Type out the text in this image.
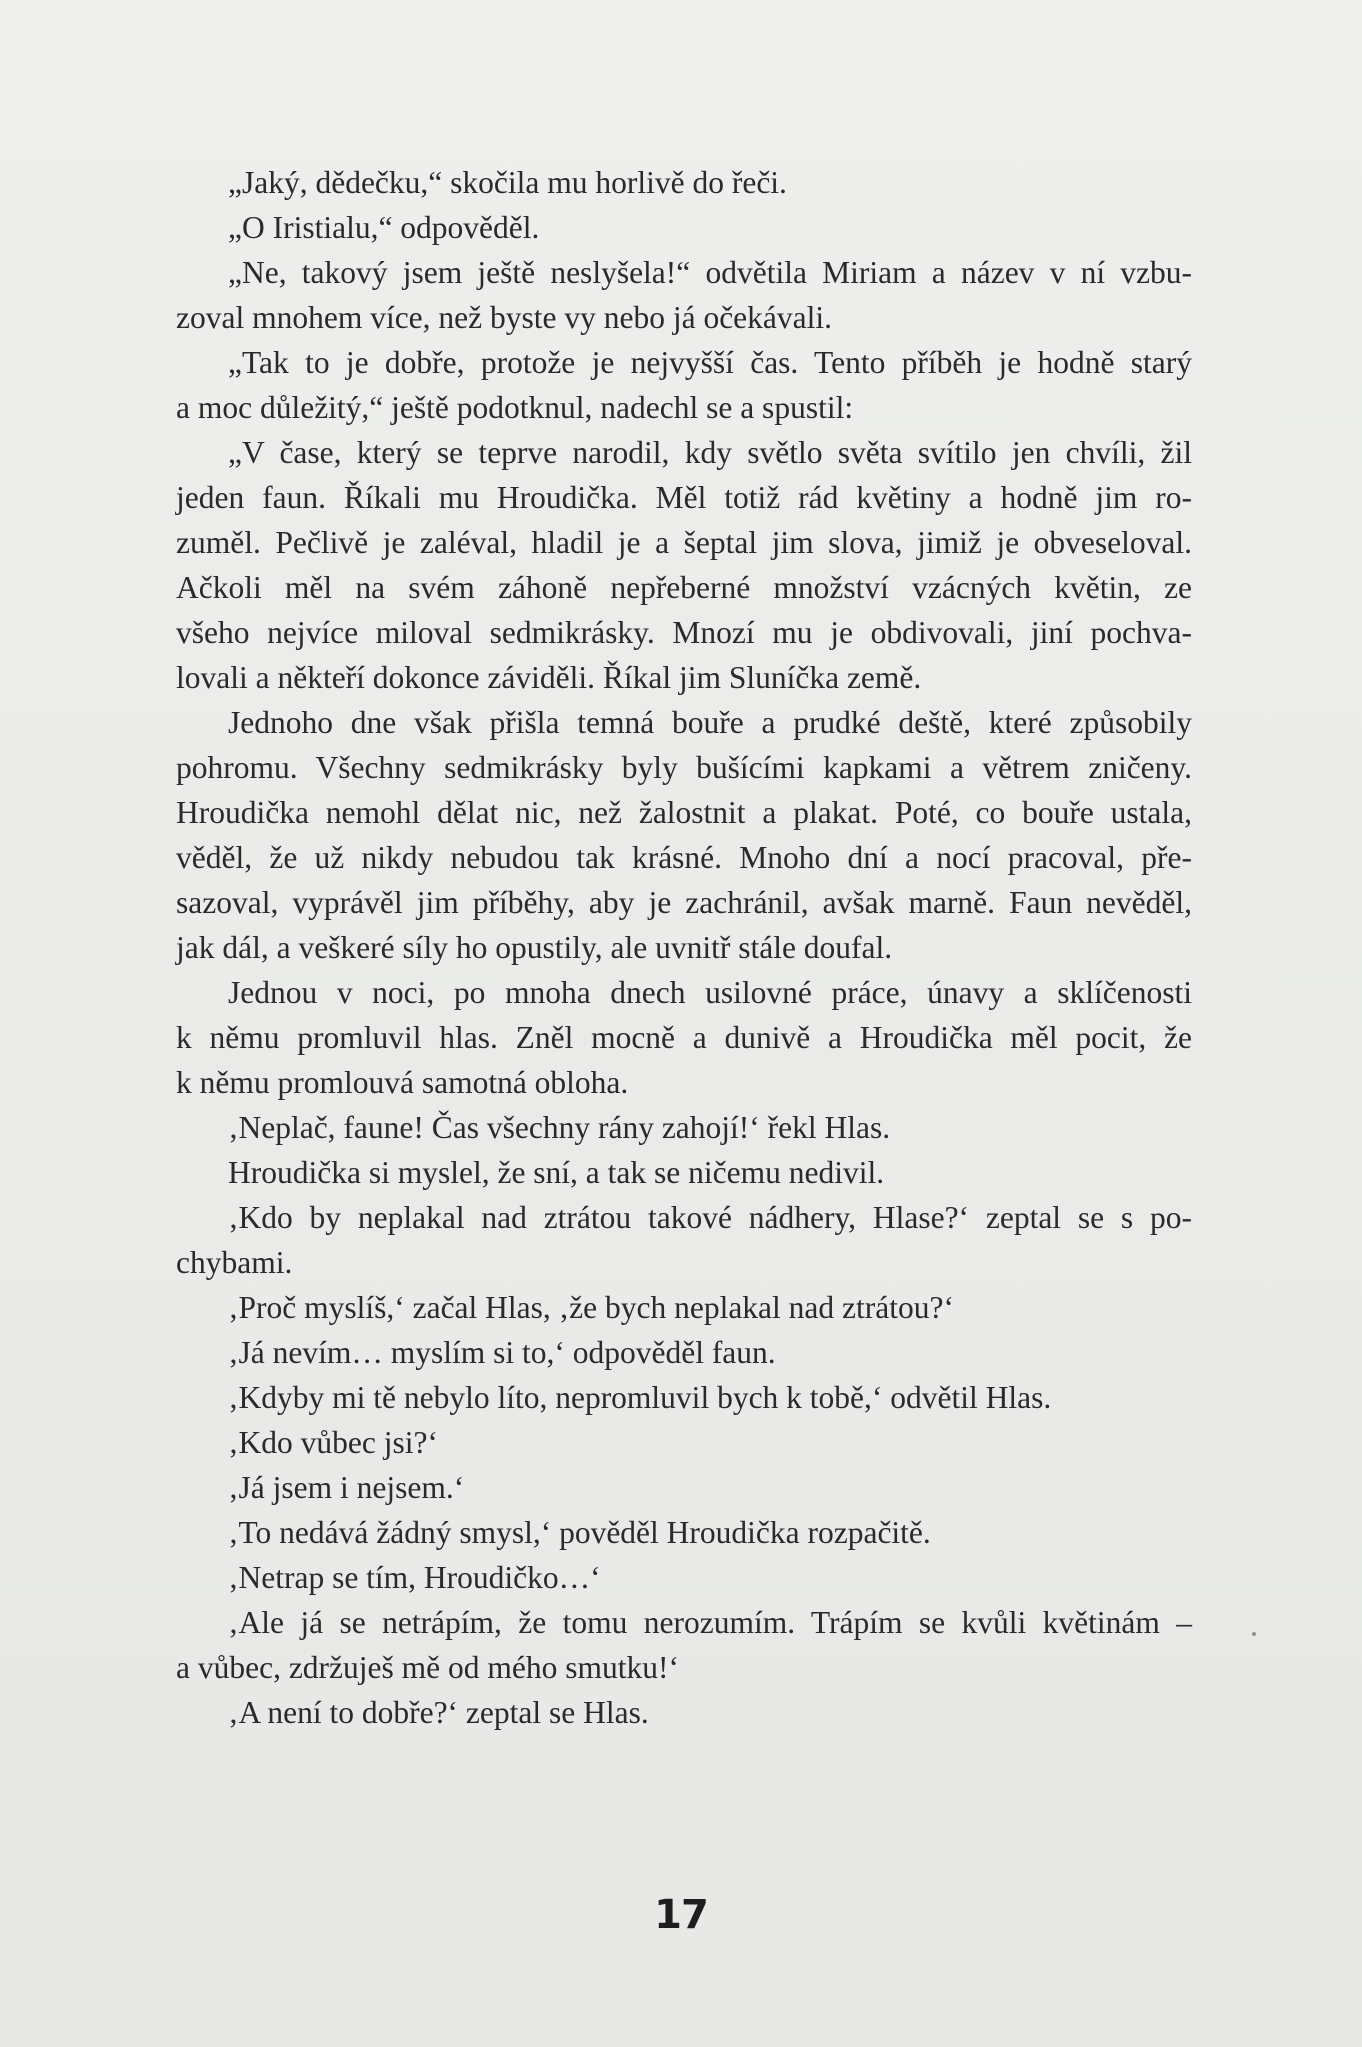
„Jaký, dědečku,“ skočila mu horlivě do řeči.
„O Iristialu,“ odpověděl.
„Ne, takový jsem ještě neslyšela!“ odvětila Miriam a název v ní vzbu-
zoval mnohem více, než byste vy nebo já očekávali.
„Tak to je dobře, protože je nejvyšší čas. Tento příběh je hodně starý
a moc důležitý,“ ještě podotknul, nadechl se a spustil:
„V čase, který se teprve narodil, kdy světlo světa svítilo jen chvíli, žil
jeden faun. Říkali mu Hroudička. Měl totiž rád květiny a hodně jim ro-
zuměl. Pečlivě je zaléval, hladil je a šeptal jim slova, jimiž je obveseloval.
Ačkoli měl na svém záhoně nepřeberné množství vzácných květin, ze
všeho nejvíce miloval sedmikrásky. Mnozí mu je obdivovali, jiní pochva-
lovali a někteří dokonce záviděli. Říkal jim Sluníčka země.
Jednoho dne však přišla temná bouře a prudké deště, které způsobily
pohromu. Všechny sedmikrásky byly bušícími kapkami a větrem zničeny.
Hroudička nemohl dělat nic, než žalostnit a plakat. Poté, co bouře ustala,
věděl, že už nikdy nebudou tak krásné. Mnoho dní a nocí pracoval, pře-
sazoval, vyprávěl jim příběhy, aby je zachránil, avšak marně. Faun nevěděl,
jak dál, a veškeré síly ho opustily, ale uvnitř stále doufal.
Jednou v noci, po mnoha dnech usilovné práce, únavy a sklíčenosti
k němu promluvil hlas. Zněl mocně a dunivě a Hroudička měl pocit, že
k němu promlouvá samotná obloha.
‚Neplač, faune! Čas všechny rány zahojí!‘ řekl Hlas.
Hroudička si myslel, že sní, a tak se ničemu nedivil.
‚Kdo by neplakal nad ztrátou takové nádhery, Hlase?‘ zeptal se s po-
chybami.
‚Proč myslíš,‘ začal Hlas, ‚že bych neplakal nad ztrátou?‘
‚Já nevím… myslím si to,‘ odpověděl faun.
‚Kdyby mi tě nebylo líto, nepromluvil bych k tobě,‘ odvětil Hlas.
‚Kdo vůbec jsi?‘
‚Já jsem i nejsem.‘
‚To nedává žádný smysl,‘ pověděl Hroudička rozpačitě.
‚Netrap se tím, Hroudičko…‘
‚Ale já se netrápím, že tomu nerozumím. Trápím se kvůli květinám –
a vůbec, zdržuješ mě od mého smutku!‘
‚A není to dobře?‘ zeptal se Hlas.
17
